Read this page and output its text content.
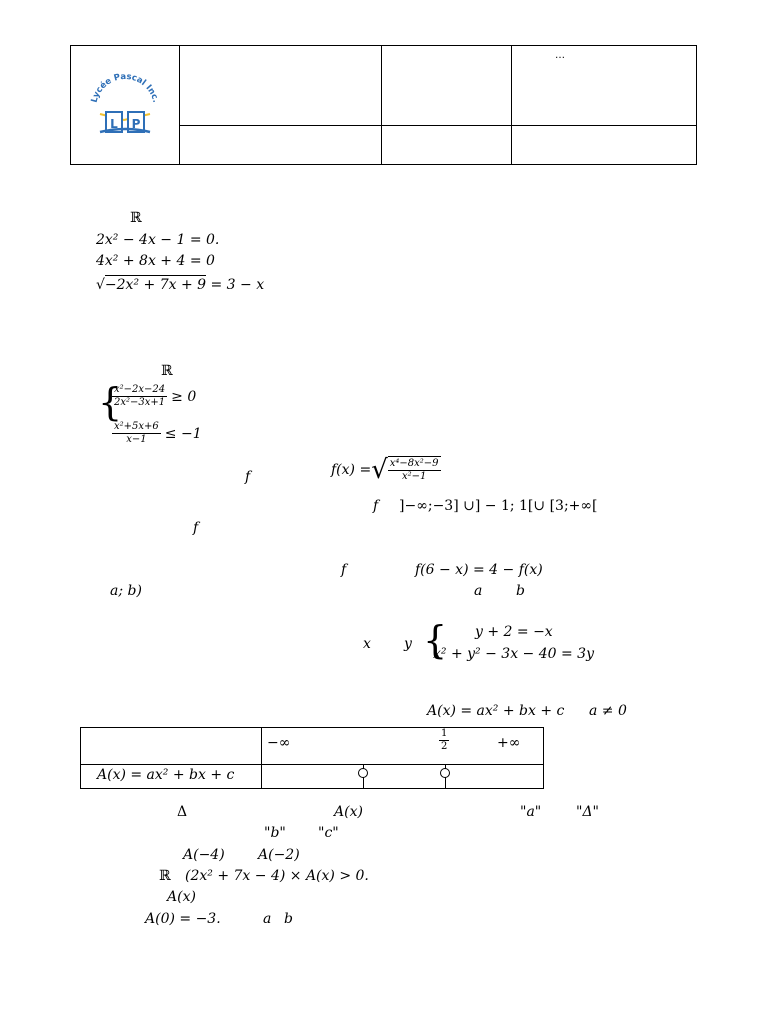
…
Lycée Pascal Inc.
L P
ℝ
2x² − 4x − 1 = 0.
4x² + 8x + 4 = 0
√−2x² + 7x + 9 = 3 − x
ℝ
{
$\frac{\text{x²−2x−24}}{\text{2x²−3x+1}} \ge 0$
$\frac{\text{x²+5x+6}}{x-1} \le -1$
f	f(x) = √ $\frac{\text{x⁴−8x²−9}}{\text{x²−1}}$
f ]−∞;−3] ∪] − 1; 1[∪ [3;+∞[
f
f	f(6 − x) = 4 − f(x)
a; b)	a b
x y { y + 2 = −x
x² + y² − 3x − 40 = 3y
A(x) = ax² + bx + c a ≠ 0
−∞	$\frac{1}{2}$	+∞
A(x) = ax² + bx + c
Δ	A(x)	"a" "Δ"
"b" "c"
A(−4) A(−2)
ℝ (2x² + 7x − 4) × A(x) > 0.
A(x)
A(0) = −3.	a b
